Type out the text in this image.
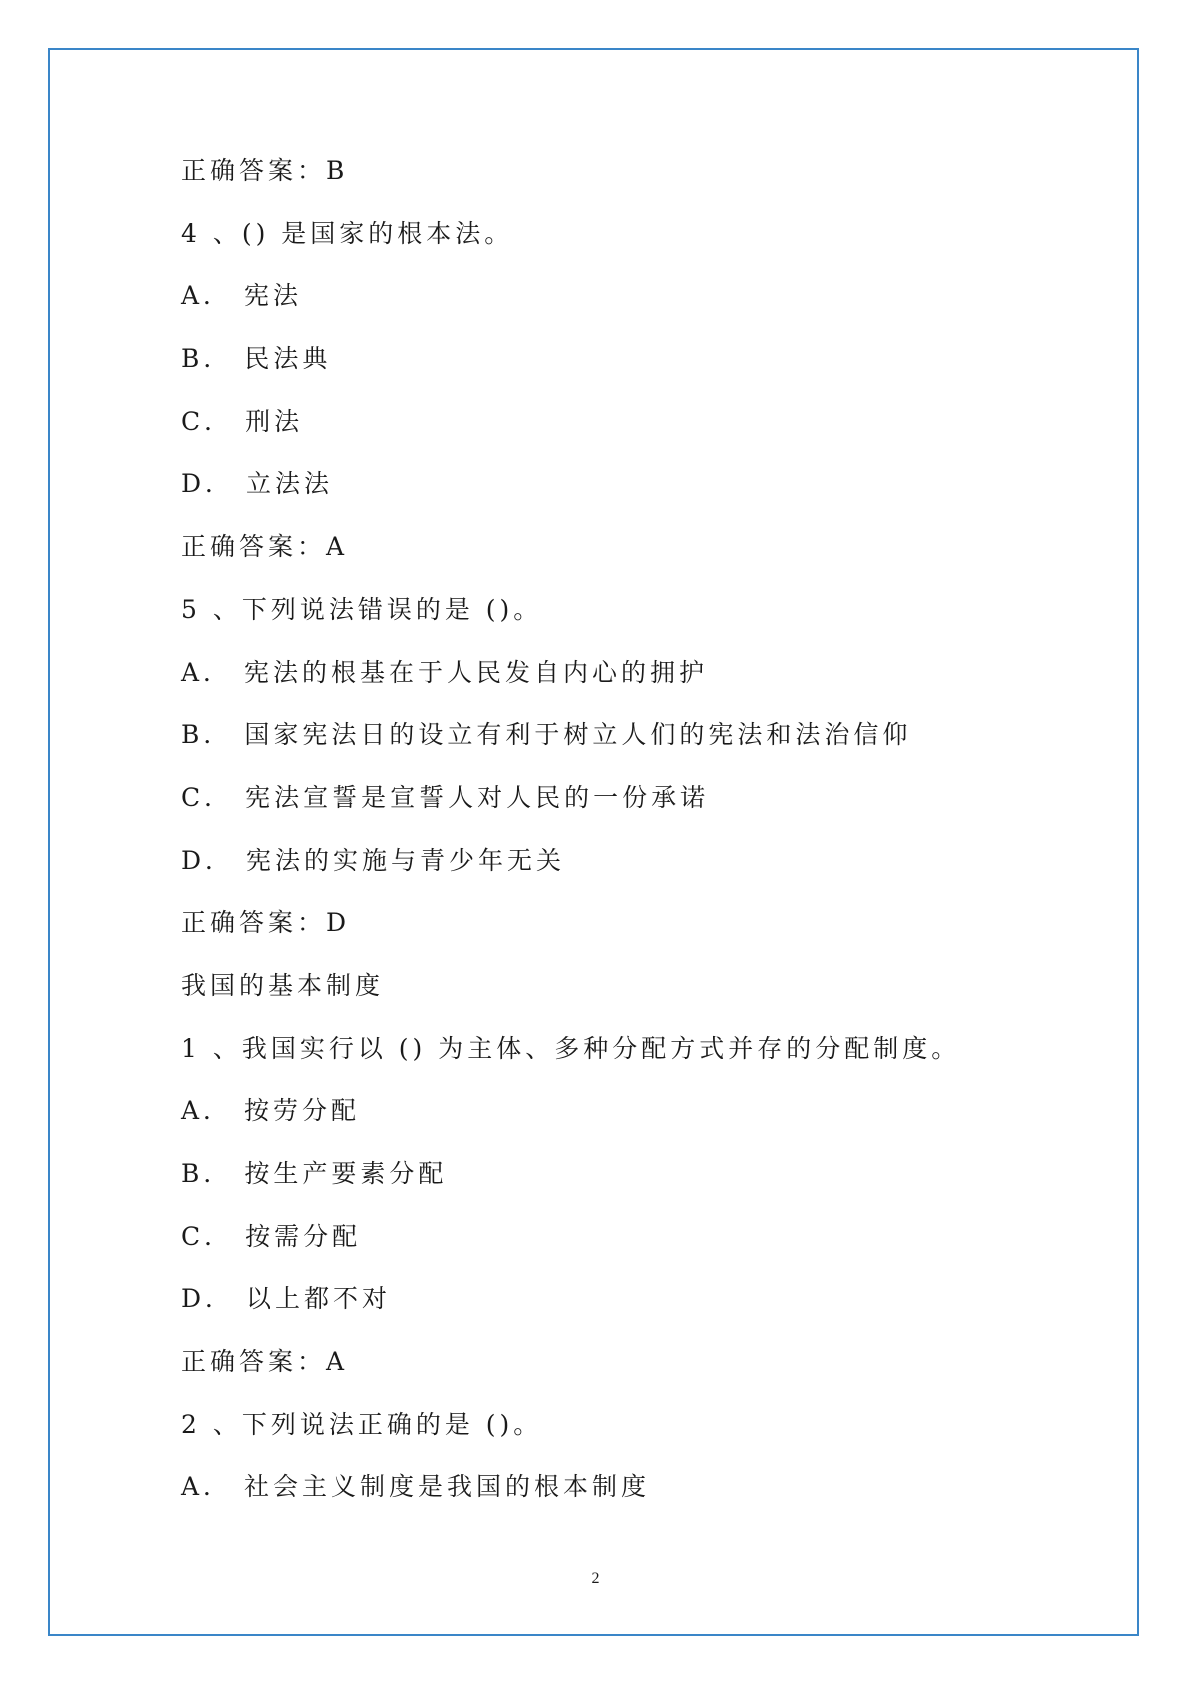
正确答案：B
4 、() 是国家的根本法。
A． 宪法
B． 民法典
C． 刑法
D． 立法法
正确答案：A
5 、下列说法错误的是 ()。
A． 宪法的根基在于人民发自内心的拥护
B． 国家宪法日的设立有利于树立人们的宪法和法治信仰
C． 宪法宣誓是宣誓人对人民的一份承诺
D． 宪法的实施与青少年无关
正确答案：D
我国的基本制度
1 、我国实行以 () 为主体、多种分配方式并存的分配制度。
A． 按劳分配
B． 按生产要素分配
C． 按需分配
D． 以上都不对
正确答案：A
2 、下列说法正确的是 ()。
A． 社会主义制度是我国的根本制度
2
